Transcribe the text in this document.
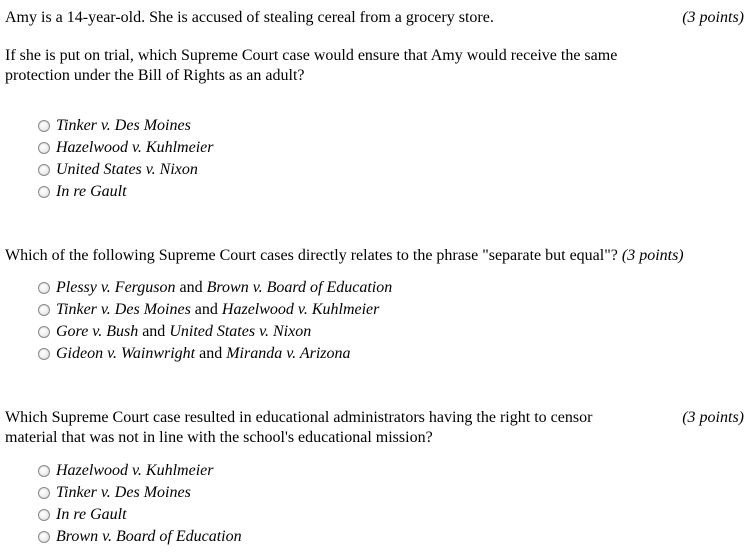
Amy is a 14-year-old. She is accused of stealing cereal from a grocery store.

If she is put on trial, which Supreme Court case would ensure that Amy would receive the same protection under the Bill of Rights as an adult?

(3 points)
Tinker v. Des Moines
Hazelwood v. Kuhlmeier
United States v. Nixon
In re Gault

Which of the following Supreme Court cases directly relates to the phrase "separate but equal"? (3 points)

Plessy v. Ferguson and Brown v. Board of Education
Tinker v. Des Moines and Hazelwood v. Kuhlmeier
Gore v. Bush and United States v. Nixon
Gideon v. Wainwright and Miranda v. Arizona

Which Supreme Court case resulted in educational administrators having the right to censor material that was not in line with the school's educational mission?

(3 points)
Hazelwood v. Kuhlmeier
Tinker v. Des Moines
In re Gault
Brown v. Board of Education
